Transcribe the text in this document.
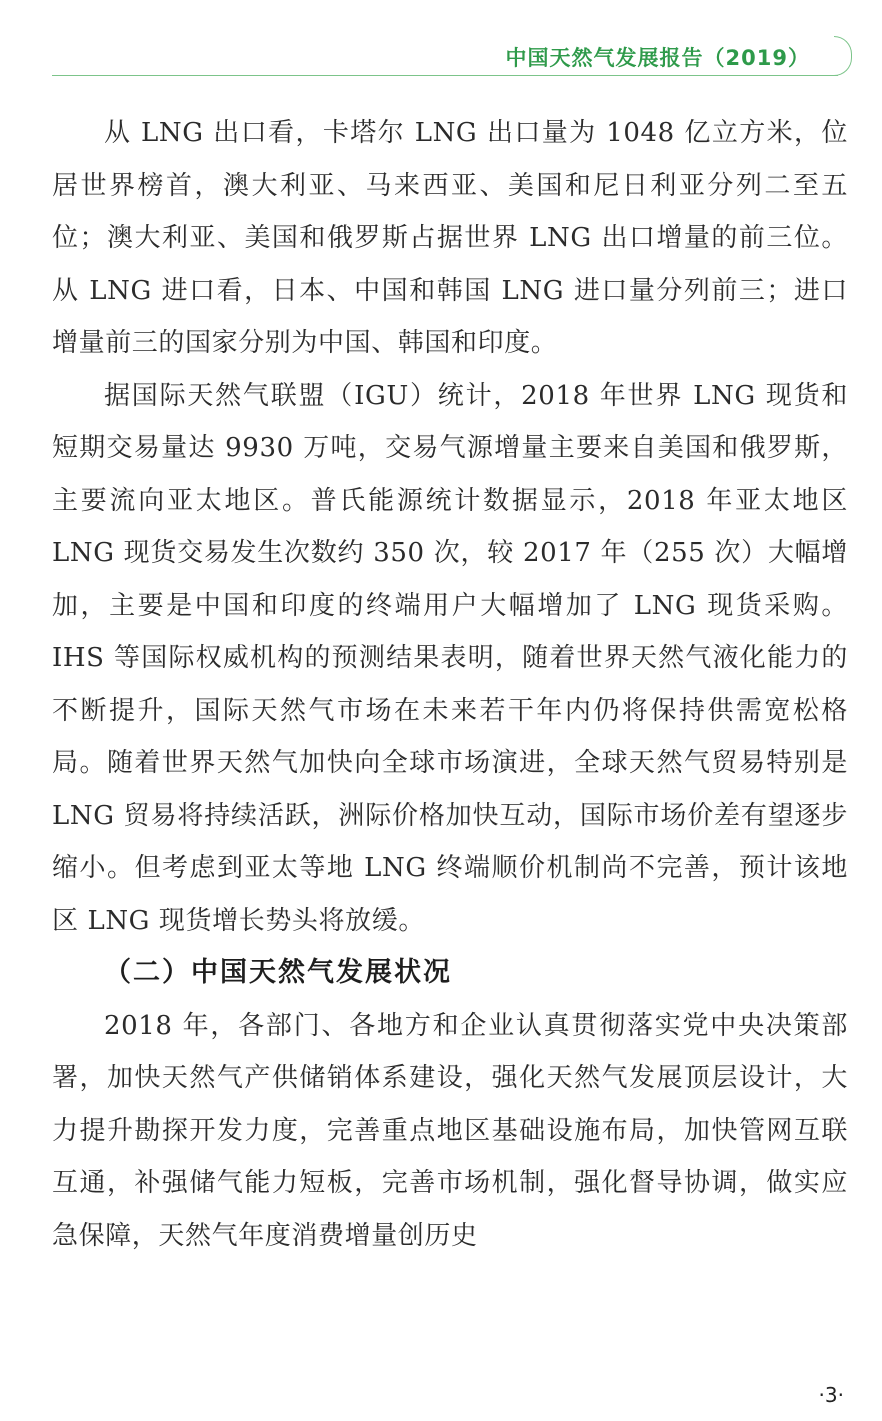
中国天然气发展报告（2019）

从 LNG 出口看，卡塔尔 LNG 出口量为 1048 亿立方米，位居世界榜首，澳大利亚、马来西亚、美国和尼日利亚分列二至五位；澳大利亚、美国和俄罗斯占据世界 LNG 出口增量的前三位。从 LNG 进口看，日本、中国和韩国 LNG 进口量分列前三；进口增量前三的国家分别为中国、韩国和印度。

据国际天然气联盟（IGU）统计，2018 年世界 LNG 现货和短期交易量达 9930 万吨，交易气源增量主要来自美国和俄罗斯，主要流向亚太地区。普氏能源统计数据显示，2018 年亚太地区 LNG 现货交易发生次数约 350 次，较 2017 年（255 次）大幅增加，主要是中国和印度的终端用户大幅增加了 LNG 现货采购。IHS 等国际权威机构的预测结果表明，随着世界天然气液化能力的不断提升，国际天然气市场在未来若干年内仍将保持供需宽松格局。随着世界天然气加快向全球市场演进，全球天然气贸易特别是 LNG 贸易将持续活跃，洲际价格加快互动，国际市场价差有望逐步缩小。但考虑到亚太等地 LNG 终端顺价机制尚不完善，预计该地区 LNG 现货增长势头将放缓。

（二）中国天然气发展状况

2018 年，各部门、各地方和企业认真贯彻落实党中央决策部署，加快天然气产供储销体系建设，强化天然气发展顶层设计，大力提升勘探开发力度，完善重点地区基础设施布局，加快管网互联互通，补强储气能力短板，完善市场机制，强化督导协调，做实应急保障，天然气年度消费增量创历史

·3·
